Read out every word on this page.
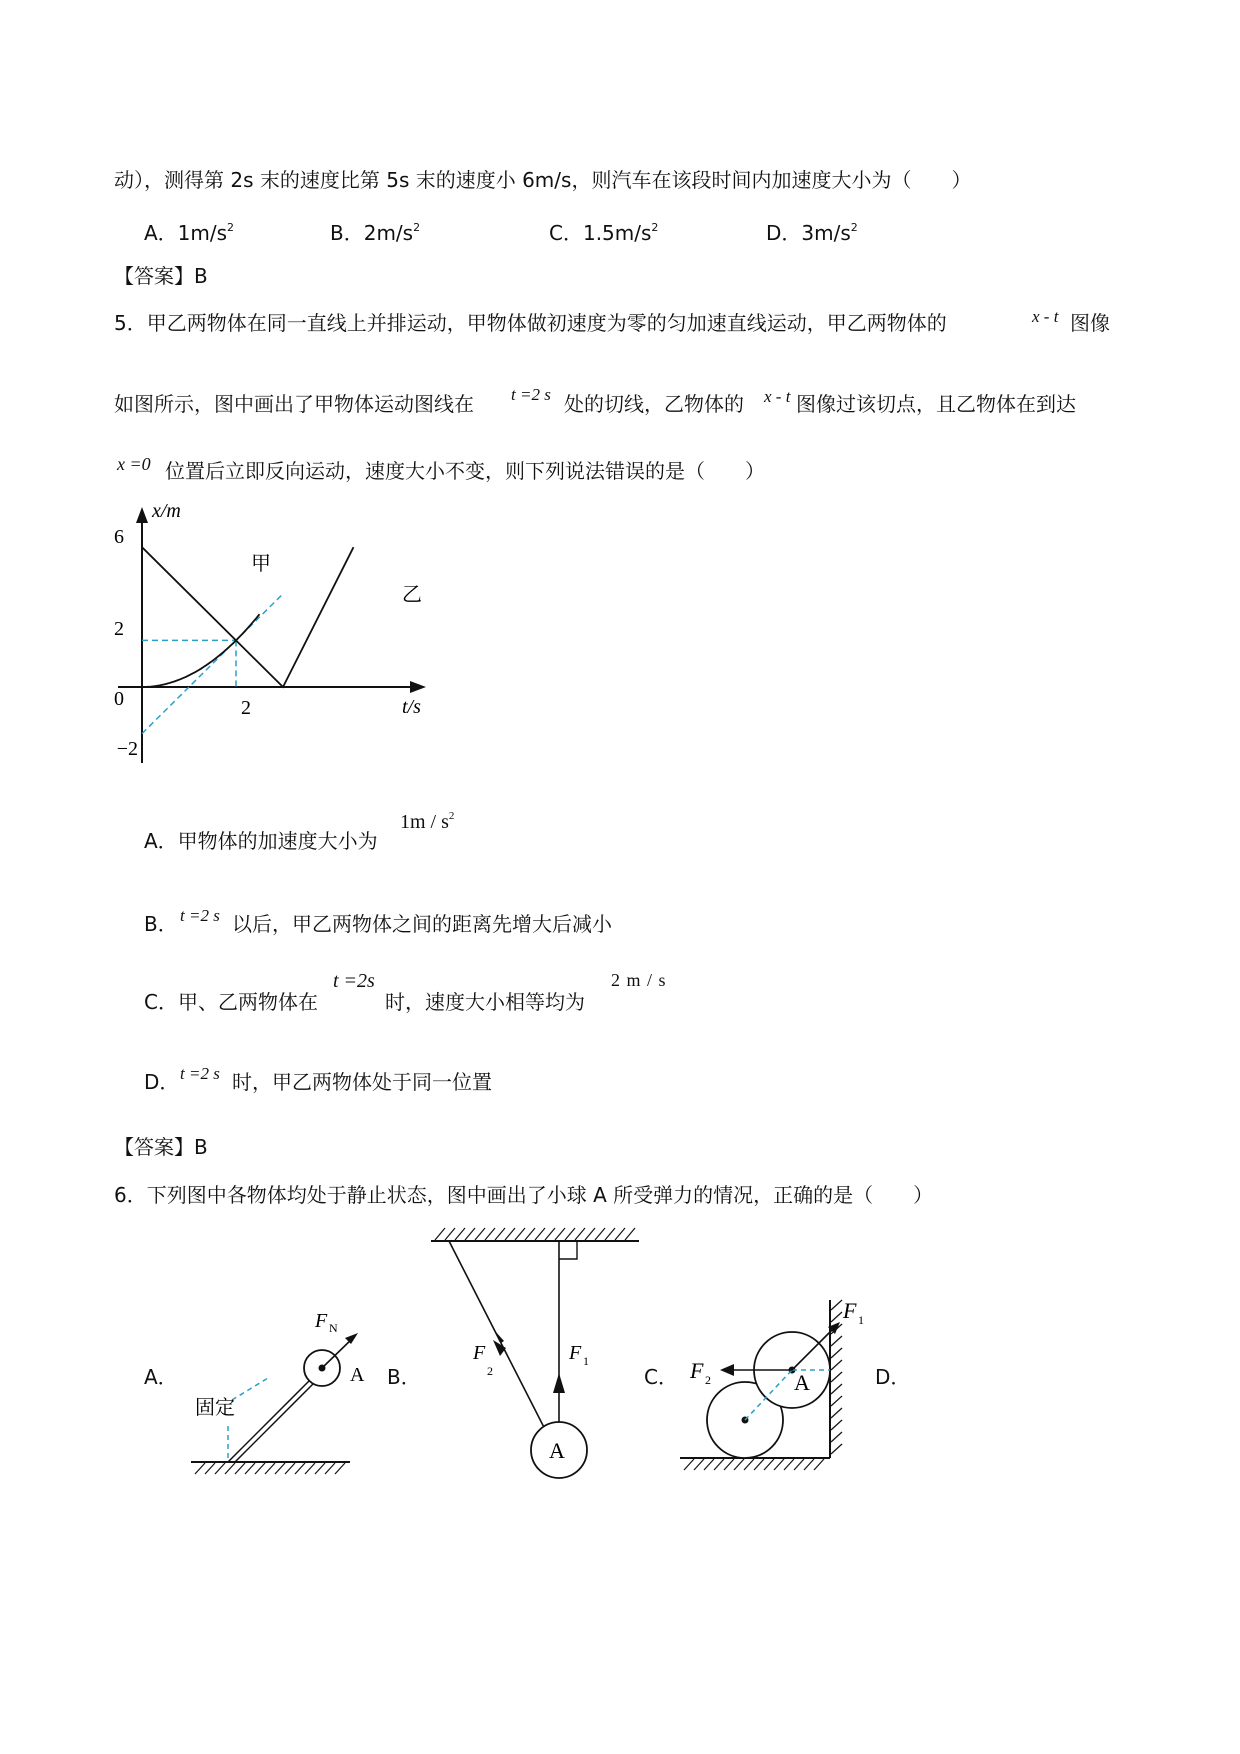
动），测得第 2s 末的速度比第 5s 末的速度小 6m/s，则汽车在该段时间内加速度大小为（　　）
A．$1m/s^2$	B．$2m/s^2$	C．$1.5m/s^2$	D．$3m/s^2$
【答案】B
5．甲乙两物体在同一直线上并排运动，甲物体做初速度为零的匀加速直线运动，甲乙两物体的	x - t 图像
如图所示，图中画出了甲物体运动图线在 t =2 s 处的切线，乙物体的 x - t 图像过该切点，且乙物体在到达
x =0 位置后立即反向运动，速度大小不变，则下列说法错误的是（　　）
x/m
t/s
6
2
0
−2
2
甲
乙
A．甲物体的加速度大小为
$1m / s^2$
B． t =2 s 以后，甲乙两物体之间的距离先增大后减小
C．甲、乙两物体在
t =2s
时，速度大小相等均为
2 m / s
D． t =2 s 时，甲乙两物体处于同一位置
【答案】B
6．下列图中各物体均处于静止状态，图中画出了小球 A 所受弹力的情况，正确的是（　　）
A．	B．	C．	D．
F N
A
固定
A
F 1
F
2	A
F 2
F 1
